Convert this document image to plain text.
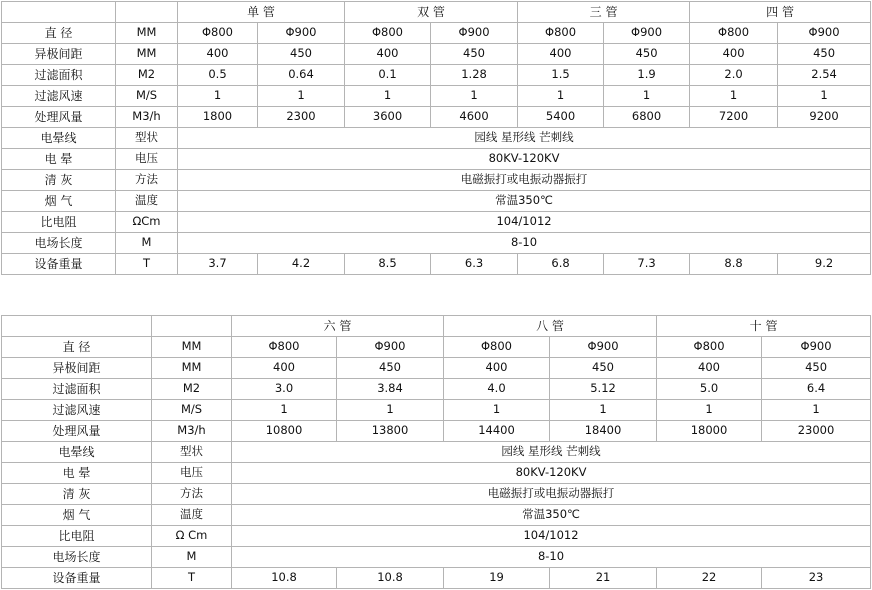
		单 管		双 管		三 管		四 管	
直 径	MM	Φ800	Φ900	Φ800	Φ900	Φ800	Φ900	Φ800	Φ900
异极间距	MM	400	450	400	450	400	450	400	450
过滤面积	M2	0.5	0.64	0.1	1.28	1.5	1.9	2.0	2.54
过滤风速	M/S	1	1	1	1	1	1	1	1
处理风量	M3/h	1800	2300	3600	4600	5400	6800	7200	9200
电晕线	型状	园线 星形线 芒刺线							
电 晕	电压	80KV-120KV							
清 灰	方法	电磁振打或电振动器振打							
烟 气	温度	常温350℃							
比电阻	ΩCm	104/1012							
电场长度	M	8-10							
设备重量	T	3.7	4.2	8.5	6.3	6.8	7.3	8.8	9.2
		六 管		八 管		十 管	
直 径	MM	Φ800	Φ900	Φ800	Φ900	Φ800	Φ900
异极间距	MM	400	450	400	450	400	450
过滤面积	M2	3.0	3.84	4.0	5.12	5.0	6.4
过滤风速	M/S	1	1	1	1	1	1
处理风量	M3/h	10800	13800	14400	18400	18000	23000
电晕线	型状	园线 星形线 芒刺线					
电 晕	电压	80KV-120KV					
清 灰	方法	电磁振打或电振动器振打					
烟 气	温度	常温350℃					
比电阻	Ω Cm	104/1012					
电场长度	M	8-10					
设备重量	T	10.8	10.8	19	21	22	23
